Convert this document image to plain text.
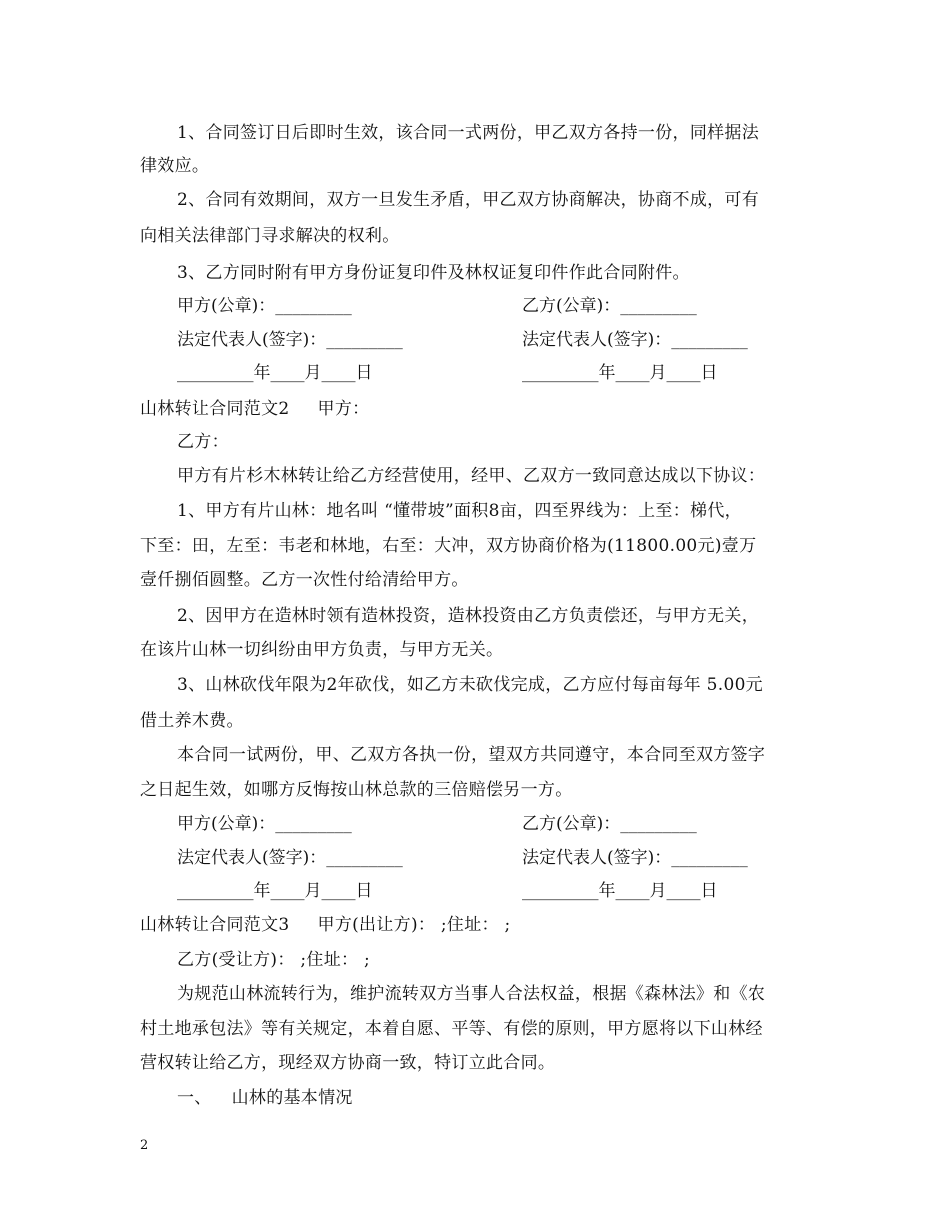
1、合同签订日后即时生效，该合同一式两份，甲乙双方各持一份，同样据法
律效应。
2、合同有效期间，双方一旦发生矛盾，甲乙双方协商解决，协商不成，可有
向相关法律部门寻求解决的权利。
3、乙方同时附有甲方身份证复印件及林权证复印件作此合同附件。
甲方(公章)：_________	乙方(公章)：_________
法定代表人(签字)：_________	法定代表人(签字)：_________
_________年____月____日	_________年____月____日
山林转让合同范文2 甲方：
乙方：
甲方有片杉木林转让给乙方经营使用，经甲、乙双方一致同意达成以下协议：
1、甲方有片山林：地名叫 “懂带坡”面积8亩，四至界线为：上至：梯代，
下至：田，左至：韦老和林地，右至：大冲，双方协商价格为(11800.00元)壹万
壹仟捌佰圆整。乙方一次性付给清给甲方。
2、因甲方在造林时领有造林投资，造林投资由乙方负责偿还，与甲方无关，
在该片山林一切纠纷由甲方负责，与甲方无关。
3、山林砍伐年限为2年砍伐，如乙方未砍伐完成，乙方应付每亩每年 5.00元
借土养木费。
本合同一试两份，甲、乙双方各执一份，望双方共同遵守，本合同至双方签字
之日起生效，如哪方反悔按山林总款的三倍赔偿另一方。
甲方(公章)：_________	乙方(公章)：_________
法定代表人(签字)：_________	法定代表人(签字)：_________
_________年____月____日	_________年____月____日
山林转让合同范文3 甲方(出让方)： ;住址： ;
乙方(受让方)： ;住址： ;
为规范山林流转行为，维护流转双方当事人合法权益，根据《森林法》和《农
村土地承包法》等有关规定，本着自愿、平等、有偿的原则，甲方愿将以下山林经
营权转让给乙方，现经双方协商一致，特订立此合同。
一、 山林的基本情况
2
